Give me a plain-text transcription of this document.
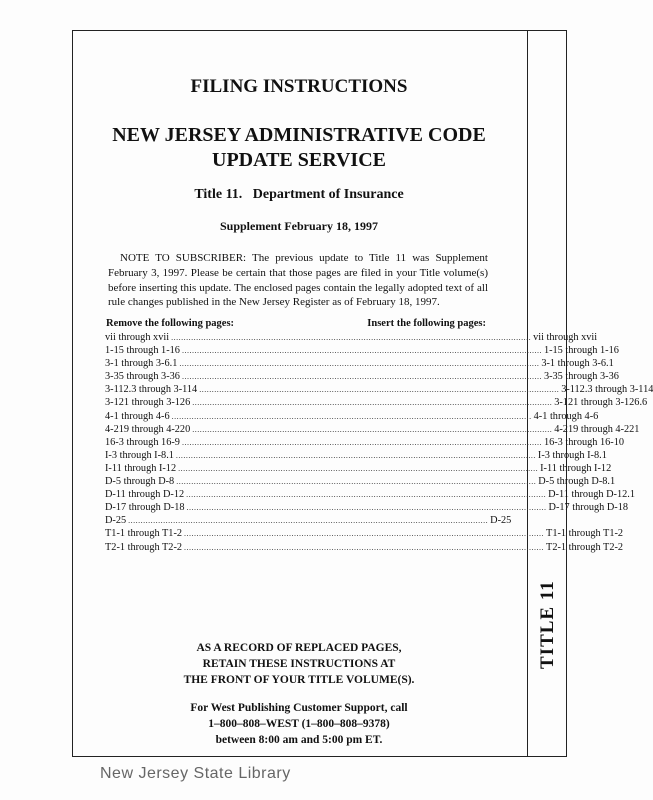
TITLE 11
FILING INSTRUCTIONS
NEW JERSEY ADMINISTRATIVE CODE
UPDATE SERVICE
Title 11.   Department of Insurance
Supplement February 18, 1997
NOTE TO SUBSCRIBER: The previous update to Title 11 was Supplement February 3, 1997. Please be certain that those pages are filed in your Title volume(s) before inserting this update. The enclosed pages contain the legally adopted text of all rule changes published in the New Jersey Register as of February 18, 1997.
Remove the following pages:	Insert the following pages:
vii through xvii ................................................................................................................................................ vii through xvii
1-15 through 1-16 ................................................................................................................................................ 1-15 through 1-16
3-1 through 3-6.1 ................................................................................................................................................ 3-1 through 3-6.1
3-35 through 3-36 ................................................................................................................................................ 3-35 through 3-36
3-112.3 through 3-114 ................................................................................................................................................ 3-112.3 through 3-114
3-121 through 3-126 ................................................................................................................................................ 3-121 through 3-126.6
4-1 through 4-6 ................................................................................................................................................ 4-1 through 4-6
4-219 through 4-220 ................................................................................................................................................ 4-219 through 4-221
16-3 through 16-9 ................................................................................................................................................ 16-3 through 16-10
I-3 through I-8.1 ................................................................................................................................................ I-3 through I-8.1
I-11 through I-12 ................................................................................................................................................ I-11 through I-12
D-5 through D-8 ................................................................................................................................................ D-5 through D-8.1
D-11 through D-12 ................................................................................................................................................ D-11 through D-12.1
D-17 through D-18 ................................................................................................................................................ D-17 through D-18
D-25 ................................................................................................................................................ D-25
T1-1 through T1-2 ................................................................................................................................................ T1-1 through T1-2
T2-1 through T2-2 ................................................................................................................................................ T2-1 through T2-2
AS A RECORD OF REPLACED PAGES,
RETAIN THESE INSTRUCTIONS AT
THE FRONT OF YOUR TITLE VOLUME(S).
For West Publishing Customer Support, call
1–800–808–WEST (1–800–808–9378)
between 8:00 am and 5:00 pm ET.
New Jersey State Library
